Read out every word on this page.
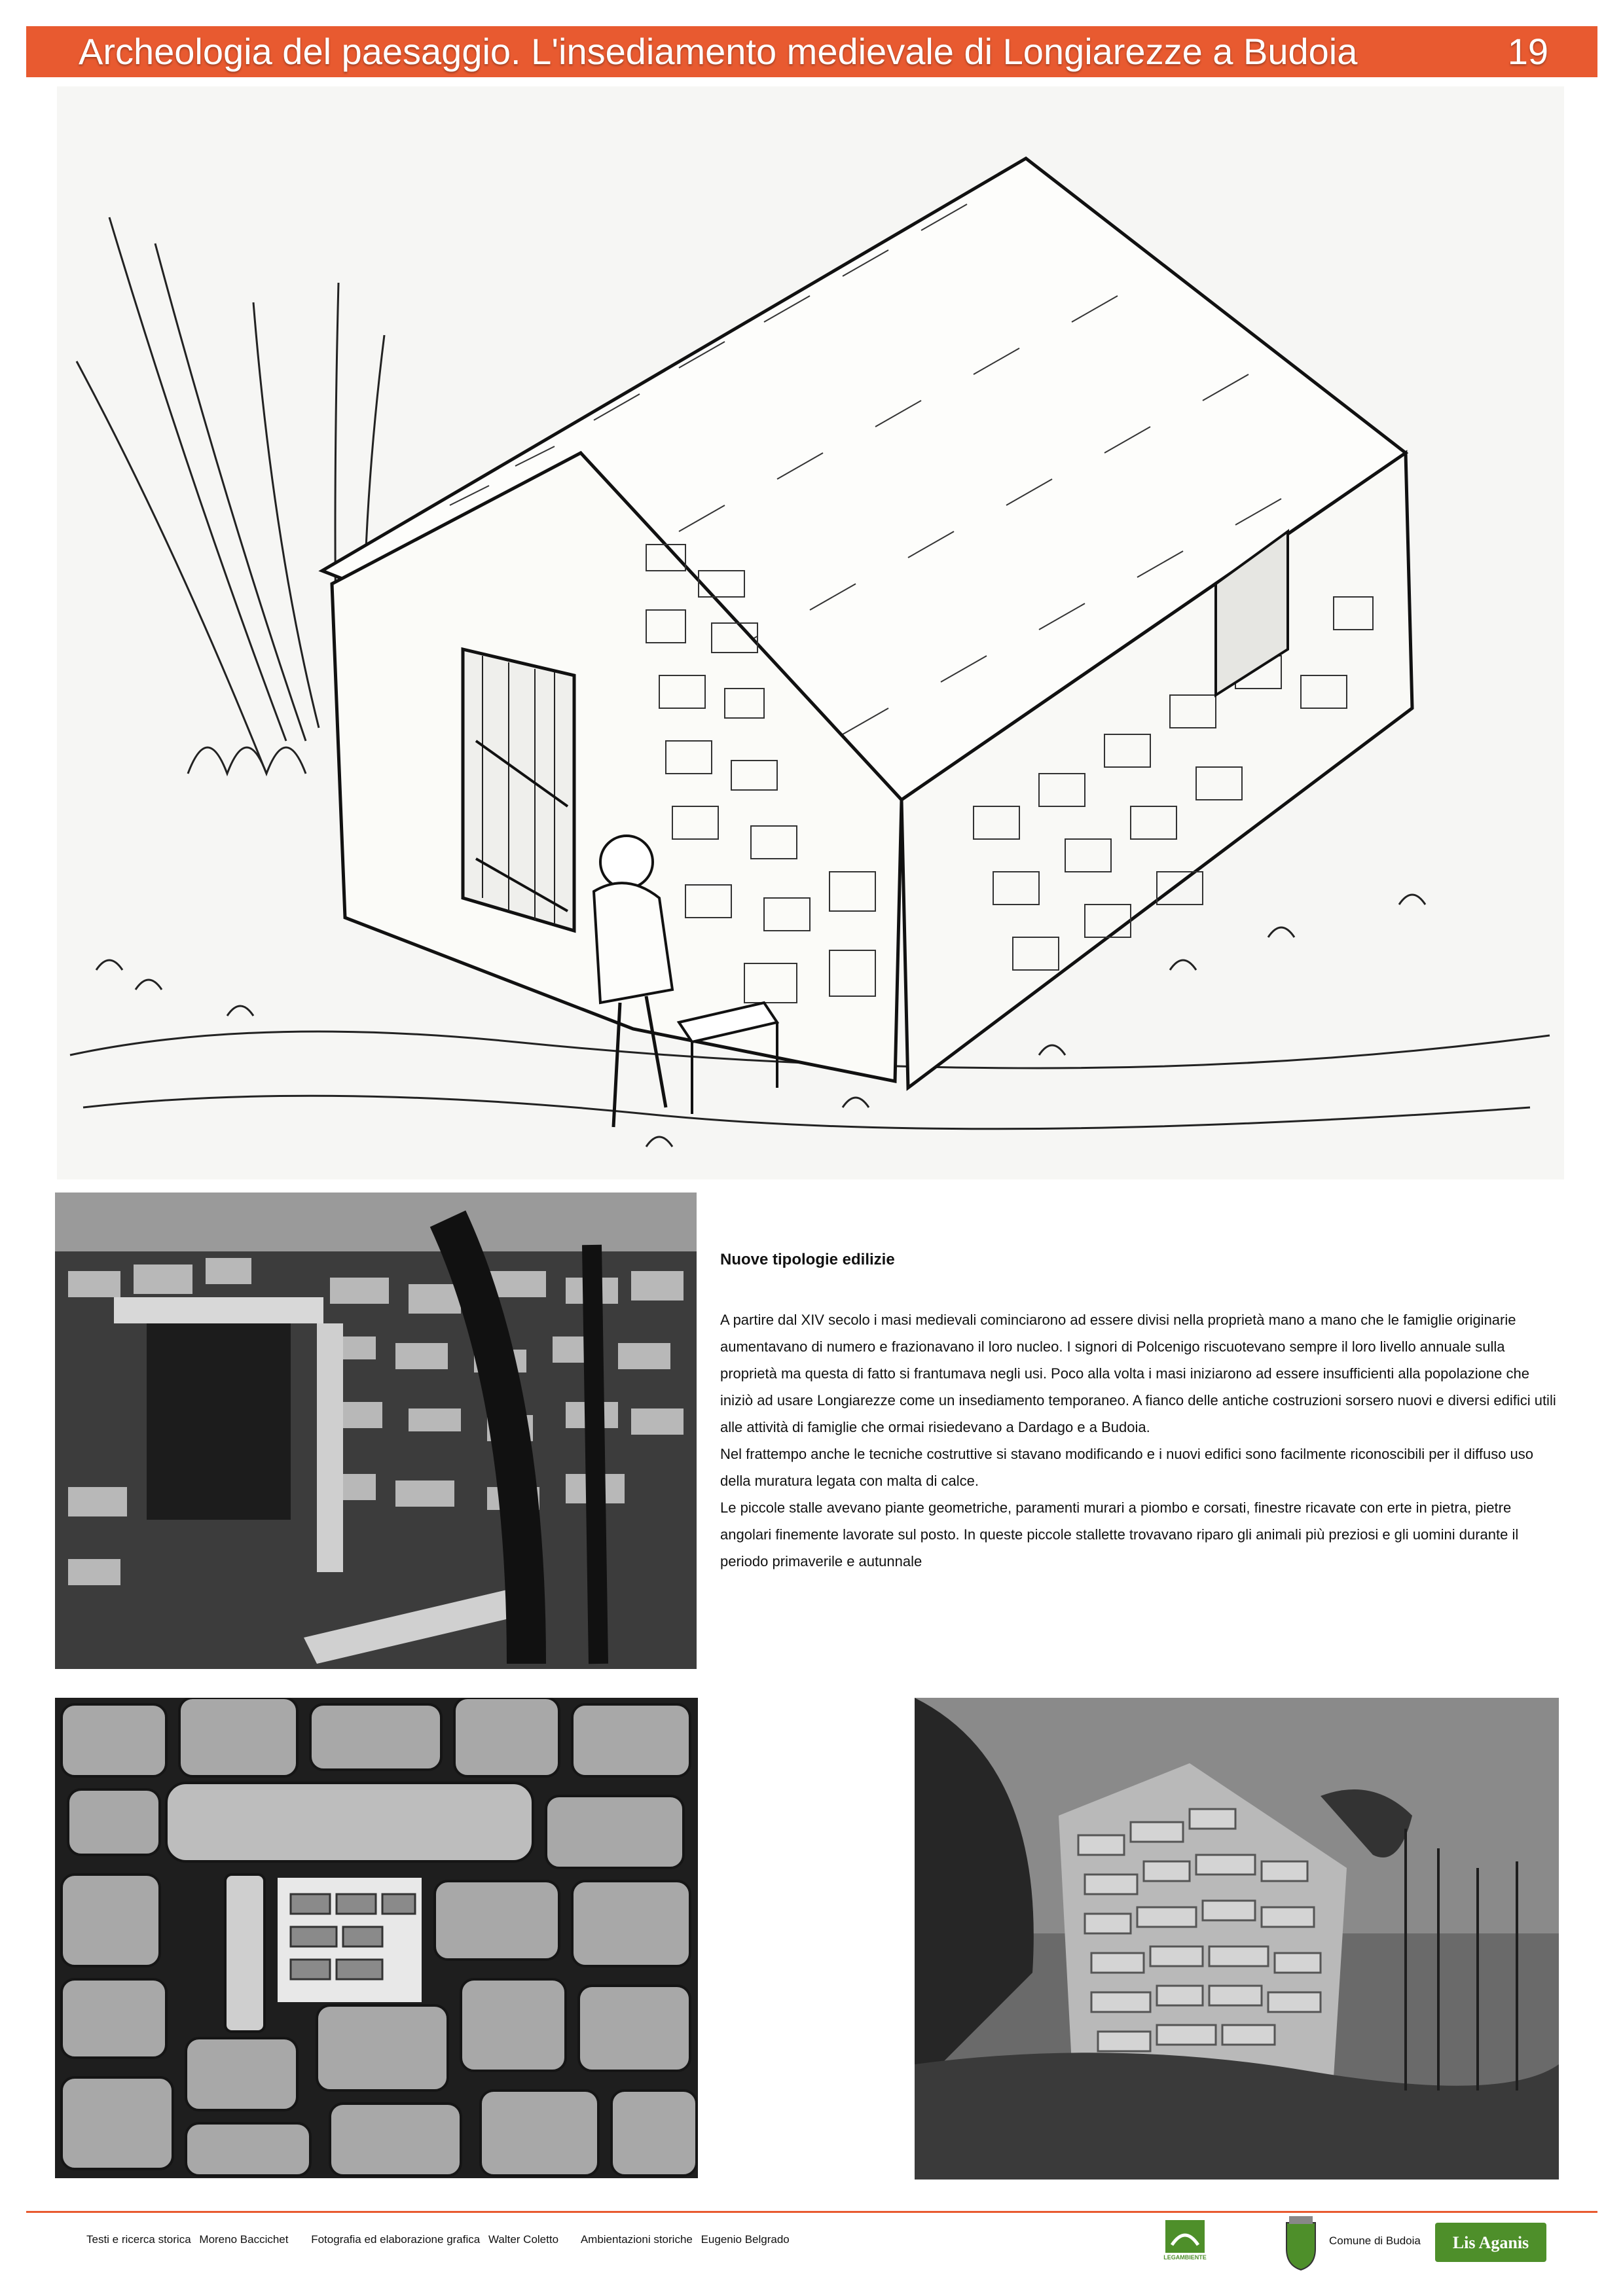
Archeologia del paesaggio. L'insediamento medievale di Longiarezze a Budoia	19
Nuove tipologie edilizie

A partire dal XIV secolo i masi medievali cominciarono ad essere divisi nella proprietà mano a mano che le famiglie originarie aumentavano di numero e frazionavano il loro nucleo. I signori di Polcenigo riscuotevano sempre il loro livello annuale sulla proprietà ma questa di fatto si frantumava negli usi. Poco alla volta i masi iniziarono ad essere insufficienti alla popolazione che iniziò ad usare Longiarezze come un insediamento temporaneo. A fianco delle antiche costruzioni sorsero nuovi e diversi edifici utili alle attività di famiglie che ormai risiedevano a Dardago e a Budoia.

Nel frattempo anche le tecniche costruttive si stavano modificando e i nuovi edifici sono facilmente riconoscibili per il diffuso uso della muratura legata con malta di calce.

Le piccole stalle avevano piante geometriche, paramenti murari a piombo e corsati, finestre ricavate con erte in pietra, pietre angolari finemente lavorate sul posto. In queste piccole stallette trovavano riparo gli animali più preziosi e gli uomini durante il periodo primaverile e autunnale

Testi e ricerca storica Moreno Baccichet Fotografia ed elaborazione grafica Walter Coletto Ambientazioni storiche Eugenio Belgrado
LEGAMBIENTE
Comune di Budoia	Lis Aganis
